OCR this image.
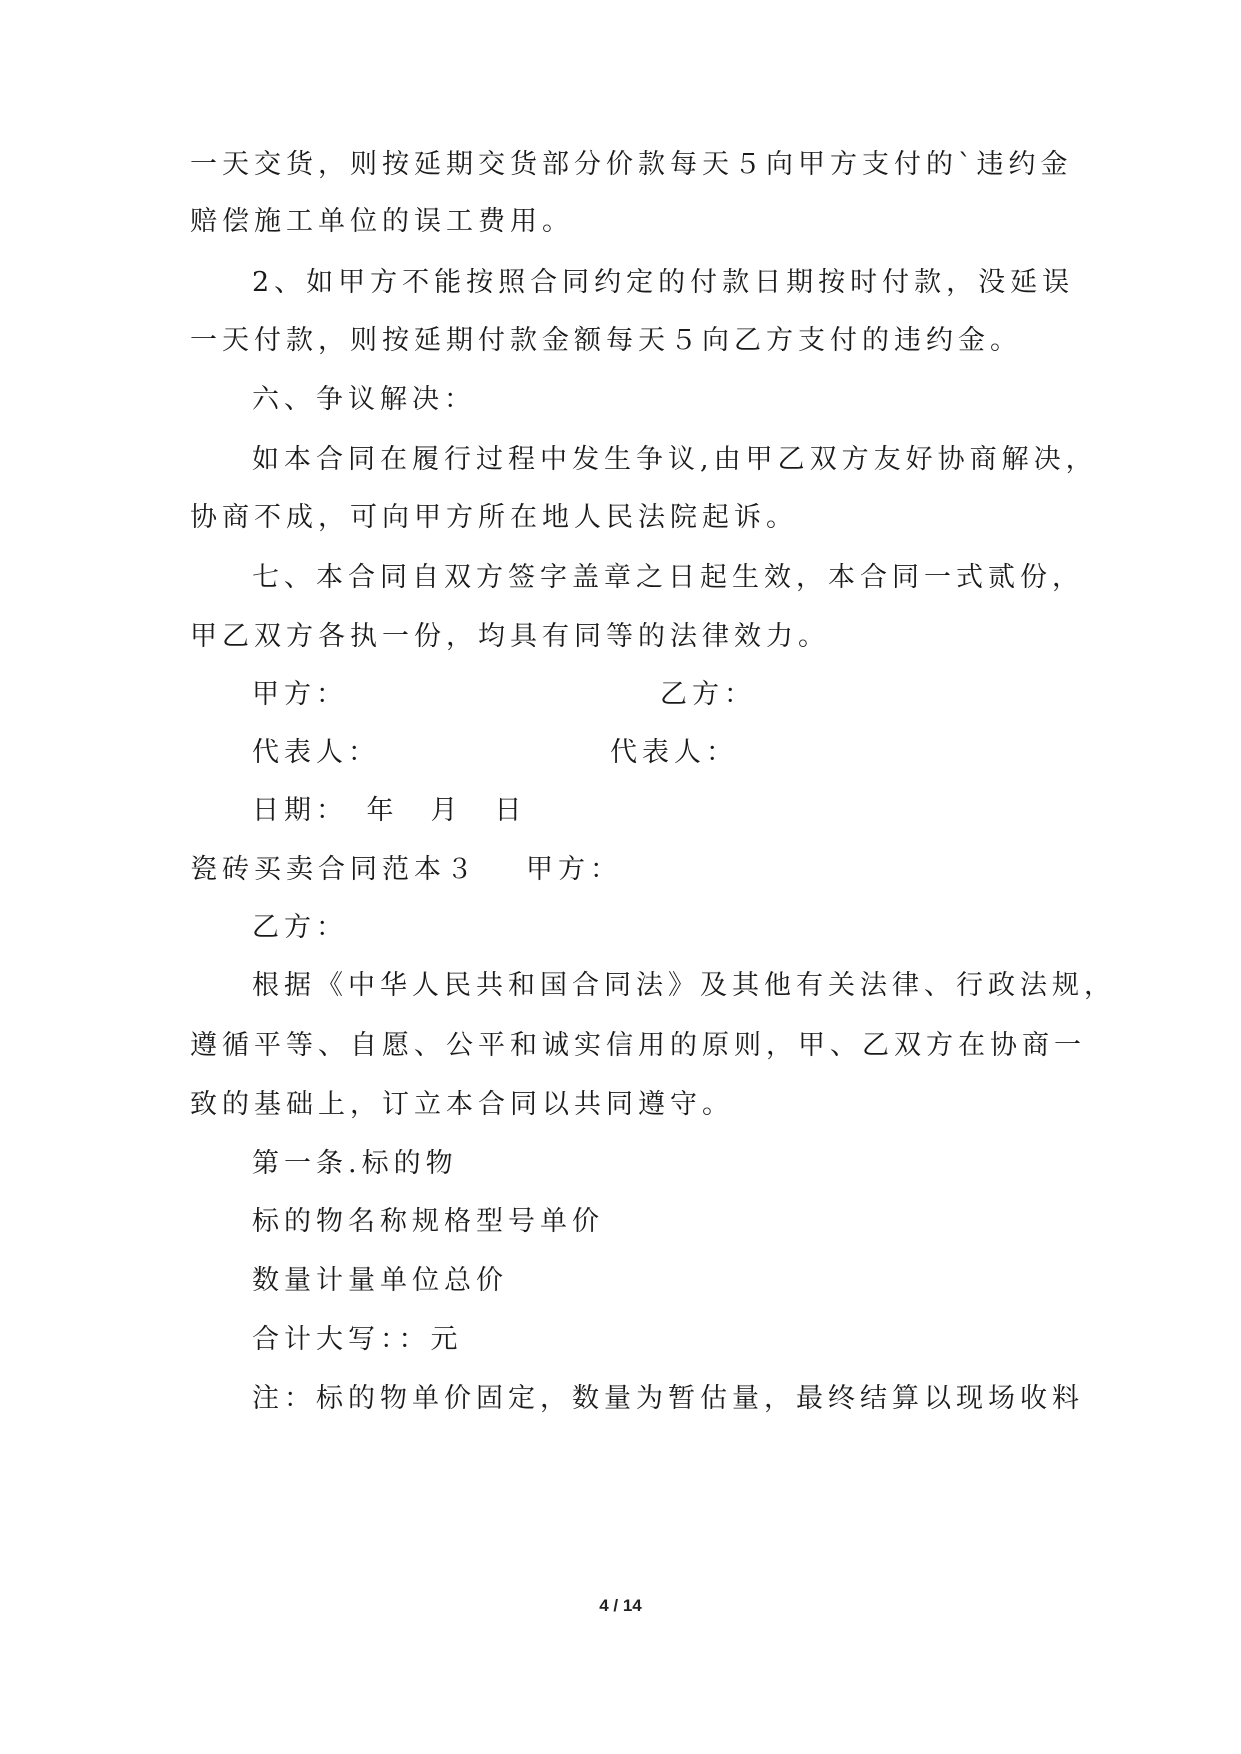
一天交货，则按延期交货部分价款每天５向甲方支付的`违约金
赔偿施工单位的误工费用。
2、如甲方不能按照合同约定的付款日期按时付款，没延误
一天付款，则按延期付款金额每天５向乙方支付的违约金。
六、争议解决：
如本合同在履行过程中发生争议,由甲乙双方友好协商解决，
协商不成，可向甲方所在地人民法院起诉。
七、本合同自双方签字盖章之日起生效，本合同一式贰份，
甲乙双方各执一份，均具有同等的法律效力。
甲方：	乙方：
代表人：	代表人：
日期：　年　月　日
瓷砖买卖合同范本３ 甲方：
乙方：
根据《中华人民共和国合同法》及其他有关法律、行政法规，
遵循平等、自愿、公平和诚实信用的原则，甲、乙双方在协商一
致的基础上，订立本合同以共同遵守。
第一条.标的物
标的物名称规格型号单价
数量计量单位总价
合计大写：：元
注：标的物单价固定，数量为暂估量，最终结算以现场收料
4 / 14
